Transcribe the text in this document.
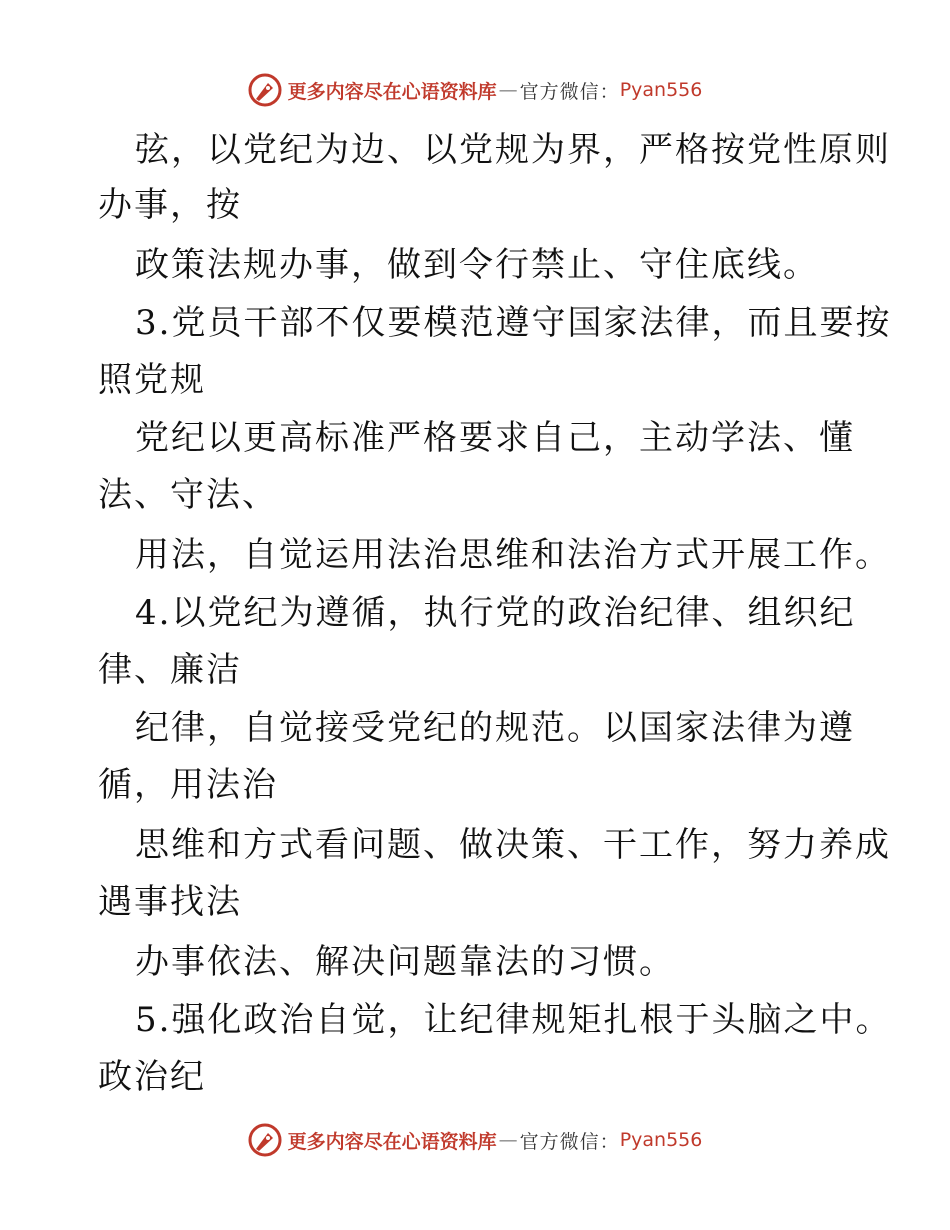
更多内容尽在心语资料库 — 官方微信： Pyan556
弦，以党纪为边、以党规为界，严格按党性原则
办事，按
政策法规办事，做到令行禁止、守住底线。
3.党员干部不仅要模范遵守国家法律，而且要按
照党规
党纪以更高标准严格要求自己，主动学法、懂
法、守法、
用法，自觉运用法治思维和法治方式开展工作。
4.以党纪为遵循，执行党的政治纪律、组织纪
律、廉洁
纪律，自觉接受党纪的规范。以国家法律为遵
循，用法治
思维和方式看问题、做决策、干工作，努力养成
遇事找法
办事依法、解决问题靠法的习惯。
5.强化政治自觉，让纪律规矩扎根于头脑之中。
政治纪
更多内容尽在心语资料库 — 官方微信： Pyan556
